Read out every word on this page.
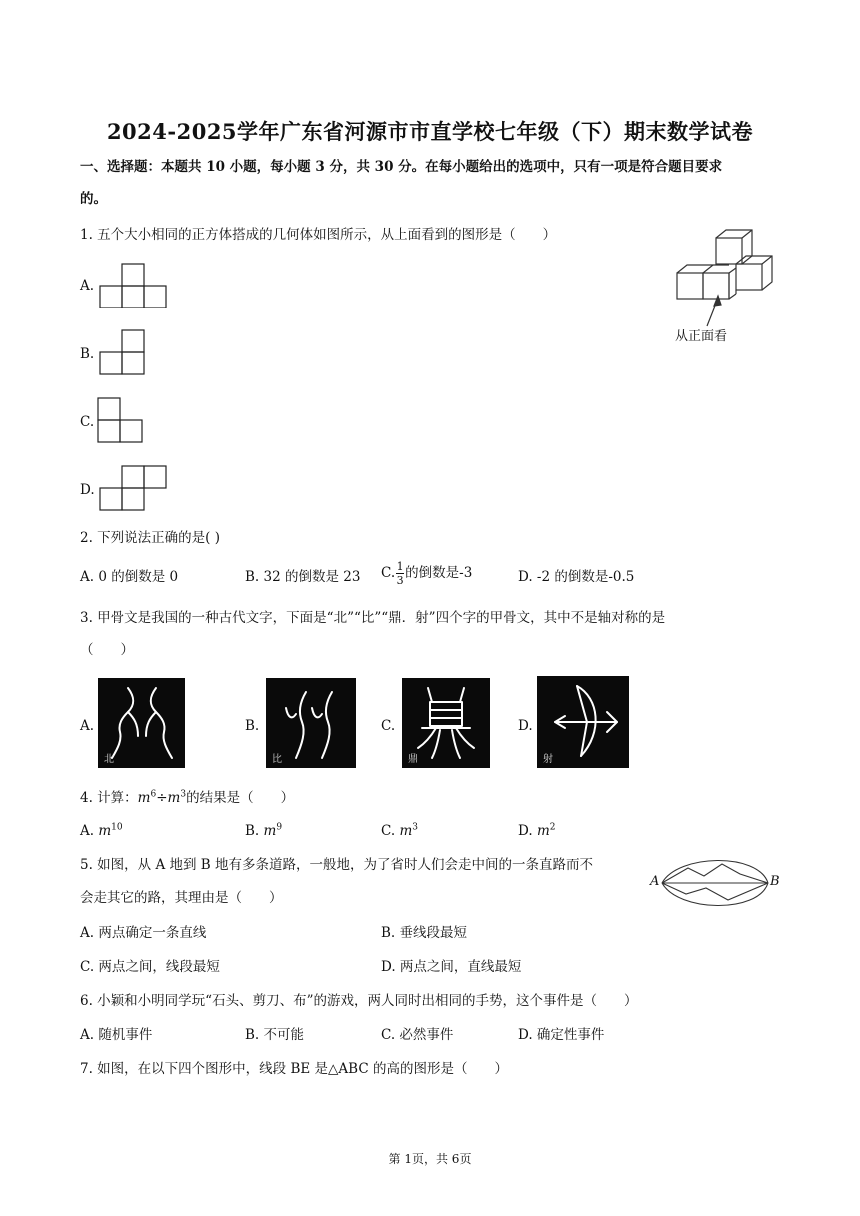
2024-2025学年广东省河源市市直学校七年级（下）期末数学试卷
一、选择题：本题共 10 小题，每小题 3 分，共 30 分。在每小题给出的选项中，只有一项是符合题目要求
的。
1. 五个大小相同的正方体搭成的几何体如图所示，从上面看到的图形是（　　）
从正面看
A.
B.
C.
D.
2. 下列说法正确的是( )
A. 0 的倒数是 0	B. 32 的倒数是 23 C. $\frac{1}{3}$ 的倒数是-3	D. -2 的倒数是-0.5
3. 甲骨文是我国的一种古代文字，下面是“北”“比”“鼎．射”四个字的甲骨文，其中不是轴对称的是
（　　）
A.
北
B.
比
C.
鼎
D.
射
4. 计算：$m^6\div m^3$的结果是（　　）
A. $m^{10}$	B. $m^9$	C. $m^3$	D. $m^2$
5. 如图，从 A 地到 B 地有多条道路，一般地，为了省时人们会走中间的一条直路而不
会走其它的路，其理由是（　　）
A	B
A. 两点确定一条直线	B. 垂线段最短
C. 两点之间，线段最短	D. 两点之间，直线最短
6. 小颖和小明同学玩“石头、剪刀、布”的游戏，两人同时出相同的手势，这个事件是（　　）
A. 随机事件	B. 不可能	C. 必然事件	D. 确定性事件
7. 如图，在以下四个图形中，线段 BE 是△ABC 的高的图形是（　　）
第 1页，共 6页
